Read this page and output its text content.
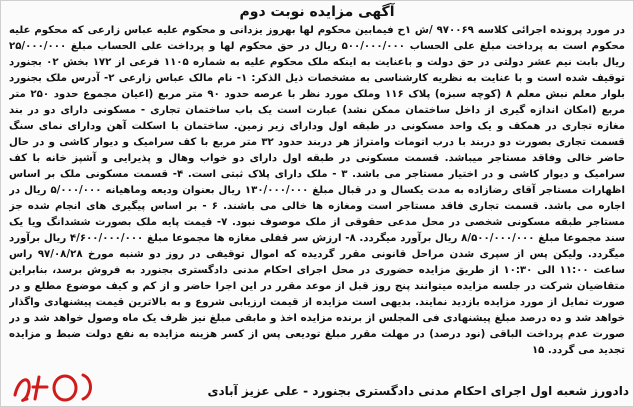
آگهی مزایده نوبت دوم

در مورد پرونده اجرائی کلاسه ۹۷۰۰۶۹ /ش ۱ح فیمابین محکوم لها بهروز یزدانی و محکوم علیه عباس زارعی که محکوم علیه محکوم است به پرداخت مبلغ علی الحساب ۵۰۰/۰۰۰/۰۰۰ ریال در حق محکوم لها و پرداخت علی الحساب مبلغ ۲۵/۰۰۰/۰۰۰ ریال بابت نیم عشر دولتی در حق دولت و باعنایت به اینکه ملک محکوم علیه به شماره ۱۱۰۵ فرعی از ۱۷۲ بخش ۰۲ بجنورد توقیف شده است و با عنایت به نظریه کارشناسی به مشخصات ذیل الذکر: ۱- نام مالک عباس زارعی ۲- آدرس ملک بجنورد بلوار معلم نبش معلم ۸ (کوچه سبزه) پلاک ۱۱۶ وملک مورد نظر با عرصه حدود ۹۰ متر مربع (اعیان مجموع حدود ۲۵۰ متر مربع (امکان اندازه گیری از داخل ساختمان ممکن نشد) عبارت است یک باب ساختمان تجاری - مسکونی دارای دو در بند مغازه تجاری در همکف و یک واحد مسکونی در طبقه اول ودارای زیر زمین. ساختمان با اسکلت آهن ودارای نمای سنگ قسمت تجاری بصورت دو دربند با درب اتومات وامتراژ هر دربند حدود ۳۲ متر مربع با کف سرامیک و دیوار کاشی و در حال حاضر خالی وفاقد مستاجر میباشد. قسمت مسکونی در طبقه اول دارای دو خواب وهال و پذیرایی و آشپز خانه با کف سرامیک و دیوار کاشی و در اختیار مستاجر می باشد. ۳ - ملک دارای پلاک ثبتی است. ۴- قسمت مسکونی ملک بر اساس اظهارات مستاجر آقای رضازاده به مدت یکسال و در قبال مبلغ ۱۳۰/۰۰۰/۰۰۰ ریال بعنوان ودیعه وماهیانه ۵/۰۰۰/۰۰۰ ریال در اجاره می باشد. قسمت تجاری فاقد مستاجر است ومغازه ها خالی می باشند. ۶ - بر اساس پیگیری های انجام شده جز مستاجر طبقه مسکونی شخصی در محل مدعی حقوقی از ملک موصوف نبود. ۷- قیمت پایه ملک بصورت ششدانگ ویا یک سند مجموعا مبلغ ۸/۵۰۰/۰۰۰/۰۰۰ ریال برآورد میگردد. ۸- ارزش سر قفلی مغازه ها مجموعا مبلغ ۴/۶۰۰/۰۰۰/۰۰۰ ریال برآورد میگردد. ولیکن پس از سپری شدن مراحل قانونی مقرر گردیده که اموال توقیفی در روز دو شنبه مورخ ۹۷/۰۸/۲۸ راس ساعت ۱۱:۰۰ الی ۱۰:۳۰ از طریق مزایده حضوری در محل اجرای احکام مدنی دادگستری بجنورد به فروش برسد، بنابراین متقاضیان شرکت در جلسه مزایده میتوانند پنج روز قبل از موعد مقرر در این اجرا حاضر و از کم و کیف موضوع مطلع و در صورت تمایل از مورد مزایده بازدید نمایند. بدیهی است مزایده از قیمت ارزیابی شروع و به بالاترین قیمت پیشنهادی واگذار خواهد شد و ده درصد مبلغ پیشنهادی فی المجلس از برنده مزایده اخذ و مابقی مبلغ نیز ظرف یک ماه وصول خواهد شد و در صورت عدم پرداخت الباقی (نود درصد) در مهلت مقرر مبلغ تودیعی پس از کسر هزینه مزایده به نفع دولت ضبط و مزایده تجدید می گردد. ۱۵

دادورز شعبه اول اجرای احکام مدنی دادگستری بجنورد - علی عزیز آبادی
